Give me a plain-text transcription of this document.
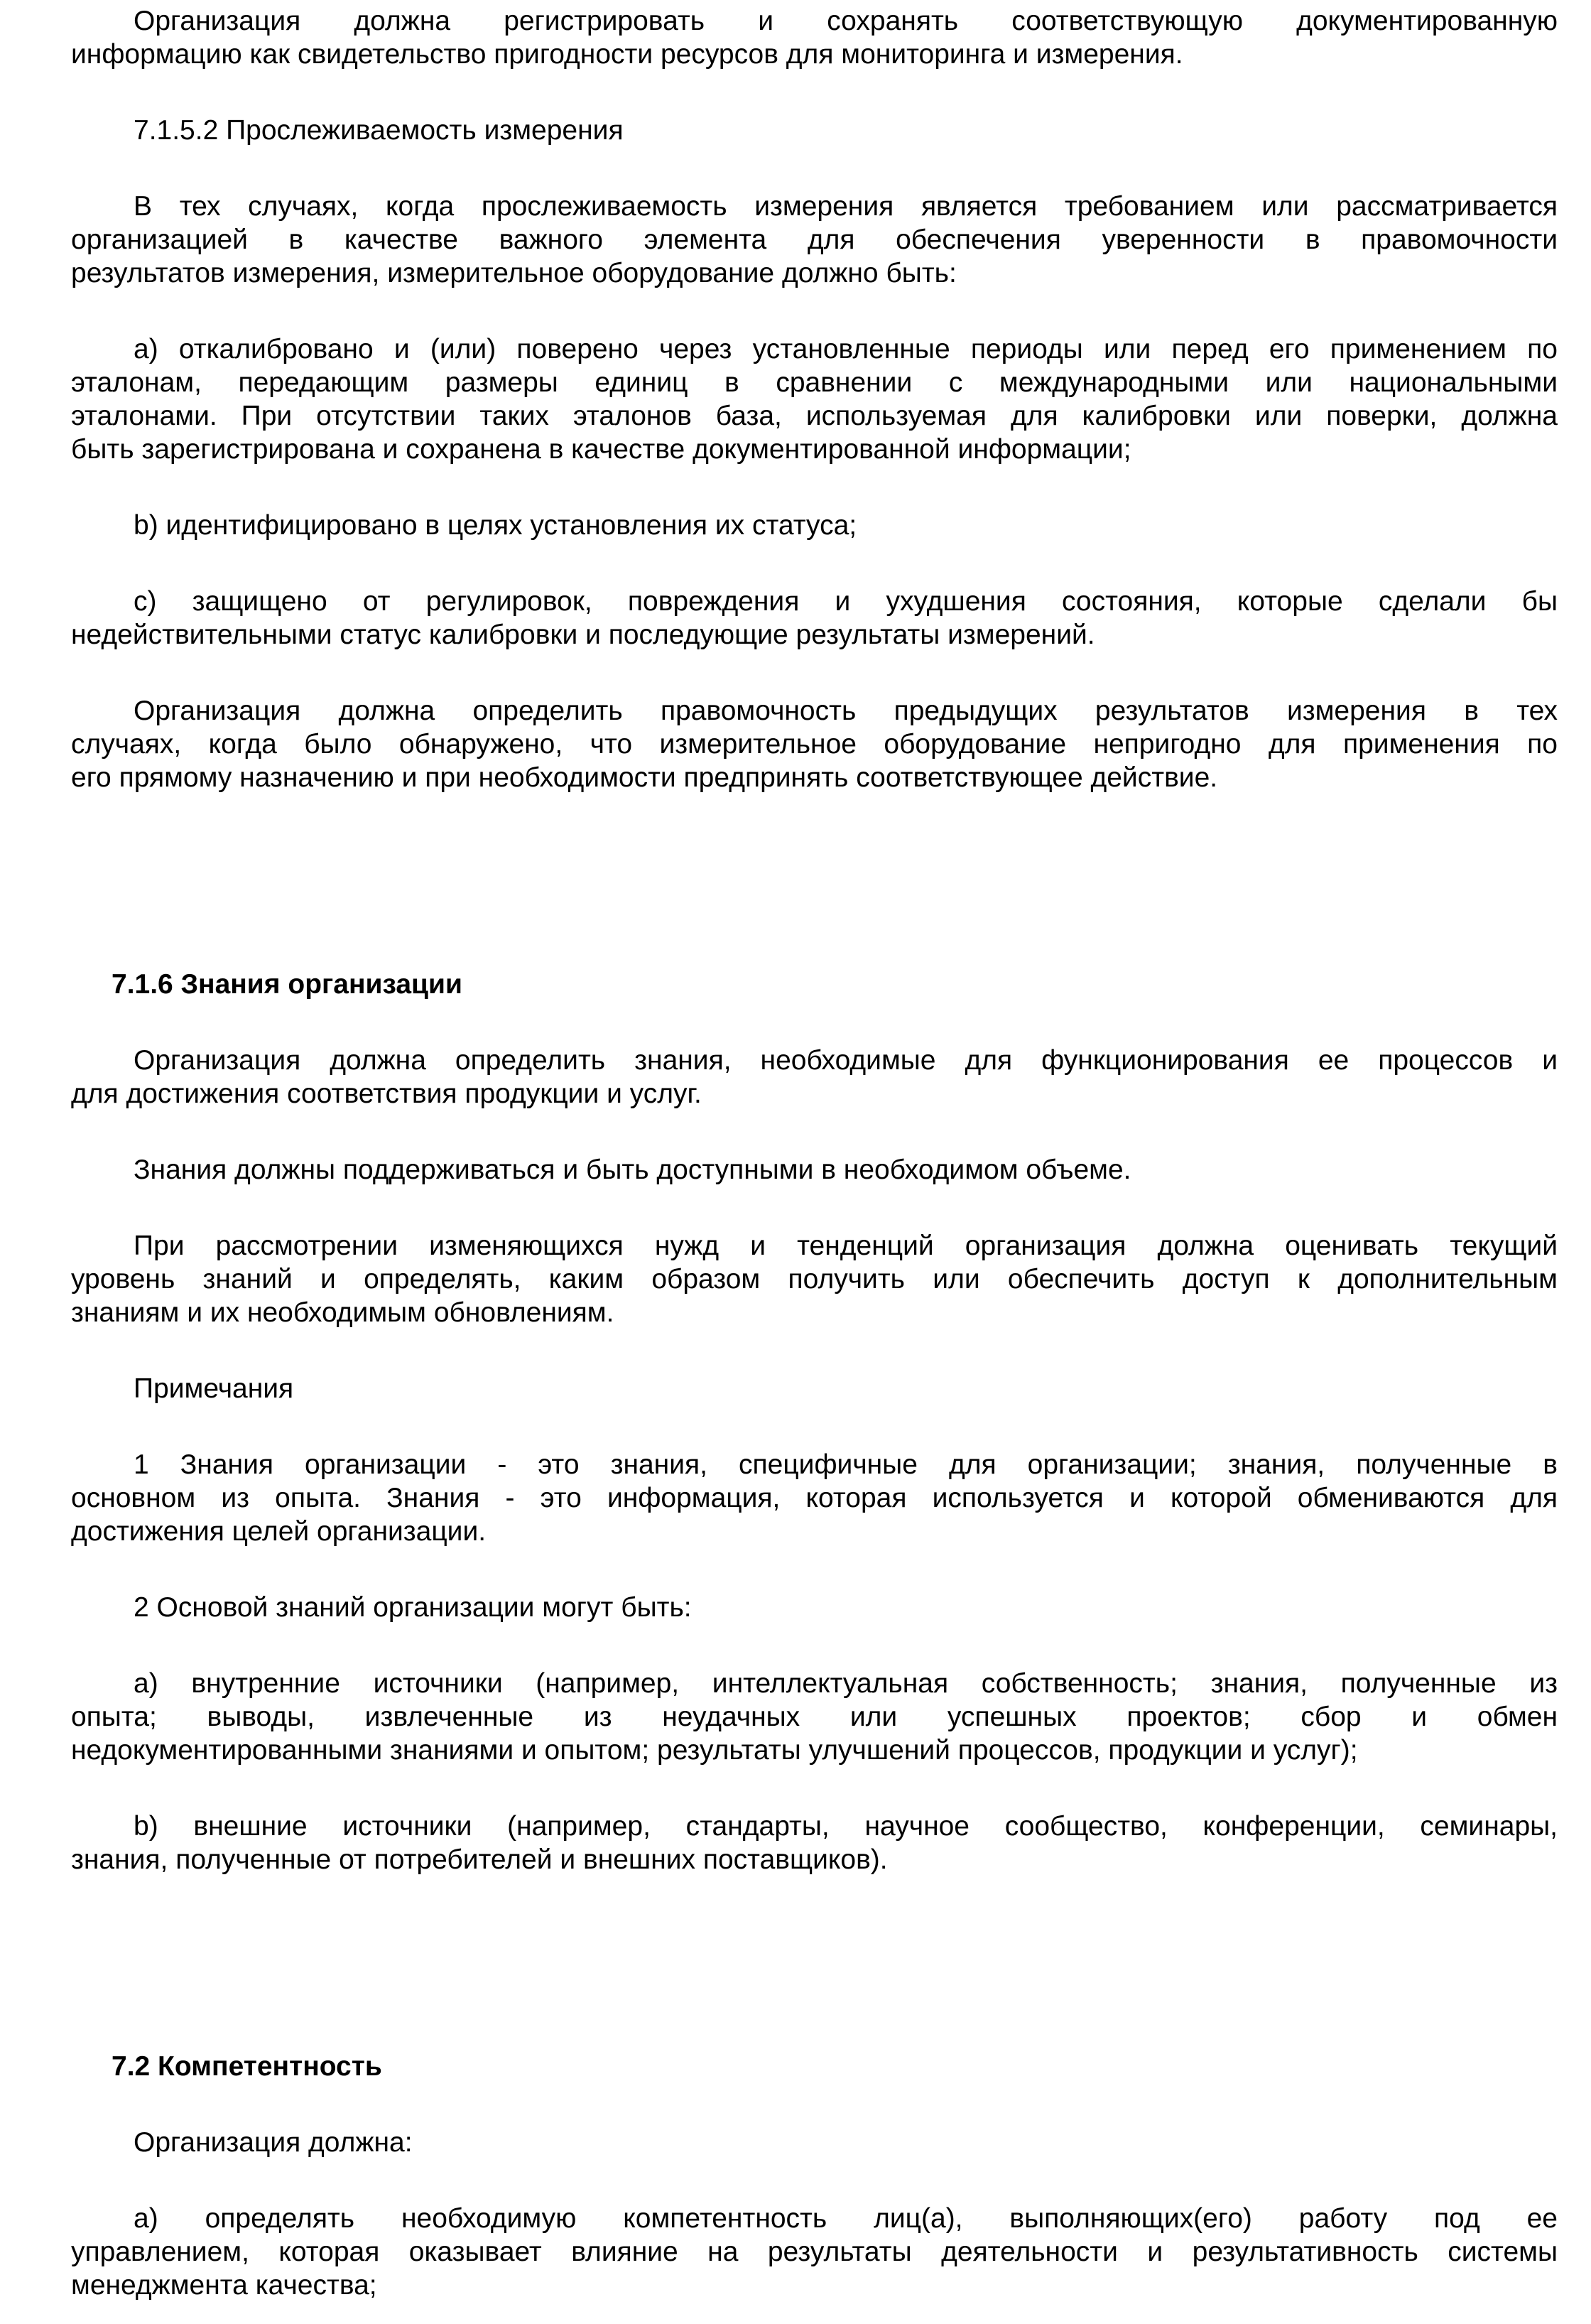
Организация должна регистрировать и сохранять соответствующую документированную
информацию как свидетельство пригодности ресурсов для мониторинга и измерения.
7.1.5.2 Прослеживаемость измерения
В тех случаях, когда прослеживаемость измерения является требованием или рассматривается
организацией в качестве важного элемента для обеспечения уверенности в правомочности
результатов измерения, измерительное оборудование должно быть:
a) откалибровано и (или) поверено через установленные периоды или перед его применением по
эталонам, передающим размеры единиц в сравнении с международными или национальными
эталонами. При отсутствии таких эталонов база, используемая для калибровки или поверки, должна
быть зарегистрирована и сохранена в качестве документированной информации;
b) идентифицировано в целях установления их статуса;
c) защищено от регулировок, повреждения и ухудшения состояния, которые сделали бы
недействительными статус калибровки и последующие результаты измерений.
Организация должна определить правомочность предыдущих результатов измерения в тех
случаях, когда было обнаружено, что измерительное оборудование непригодно для применения по
его прямому назначению и при необходимости предпринять соответствующее действие.
7.1.6 Знания организации
Организация должна определить знания, необходимые для функционирования ее процессов и
для достижения соответствия продукции и услуг.
Знания должны поддерживаться и быть доступными в необходимом объеме.
При рассмотрении изменяющихся нужд и тенденций организация должна оценивать текущий
уровень знаний и определять, каким образом получить или обеспечить доступ к дополнительным
знаниям и их необходимым обновлениям.
Примечания
1 Знания организации - это знания, специфичные для организации; знания, полученные в
основном из опыта. Знания - это информация, которая используется и которой обмениваются для
достижения целей организации.
2 Основой знаний организации могут быть:
a) внутренние источники (например, интеллектуальная собственность; знания, полученные из
опыта; выводы, извлеченные из неудачных или успешных проектов; сбор и обмен
недокументированными знаниями и опытом; результаты улучшений процессов, продукции и услуг);
b) внешние источники (например, стандарты, научное сообщество, конференции, семинары,
знания, полученные от потребителей и внешних поставщиков).
7.2 Компетентность
Организация должна:
a) определять необходимую компетентность лиц(а), выполняющих(его) работу под ее
управлением, которая оказывает влияние на результаты деятельности и результативность системы
менеджмента качества;
